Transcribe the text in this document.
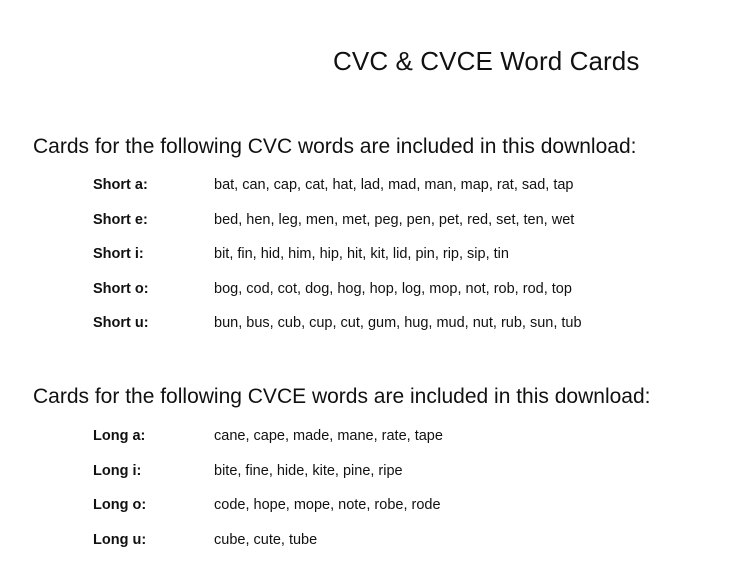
CVC & CVCE Word Cards
Cards for the following CVC words are included in this download:
Short a:	bat, can, cap, cat, hat, lad, mad, man, map, rat, sad, tap
Short e:	bed, hen, leg, men, met, peg, pen, pet, red, set, ten, wet
Short i:	bit, fin, hid, him, hip, hit, kit, lid, pin, rip, sip, tin
Short o:	bog, cod, cot, dog, hog, hop, log, mop, not, rob, rod, top
Short u:	bun, bus, cub, cup, cut, gum, hug, mud, nut, rub, sun, tub
Cards for the following CVCE words are included in this download:
Long a:	cane, cape, made, mane, rate, tape
Long i:	bite, fine, hide, kite, pine, ripe
Long o:	code, hope, mope, note, robe, rode
Long u:	cube, cute, tube
